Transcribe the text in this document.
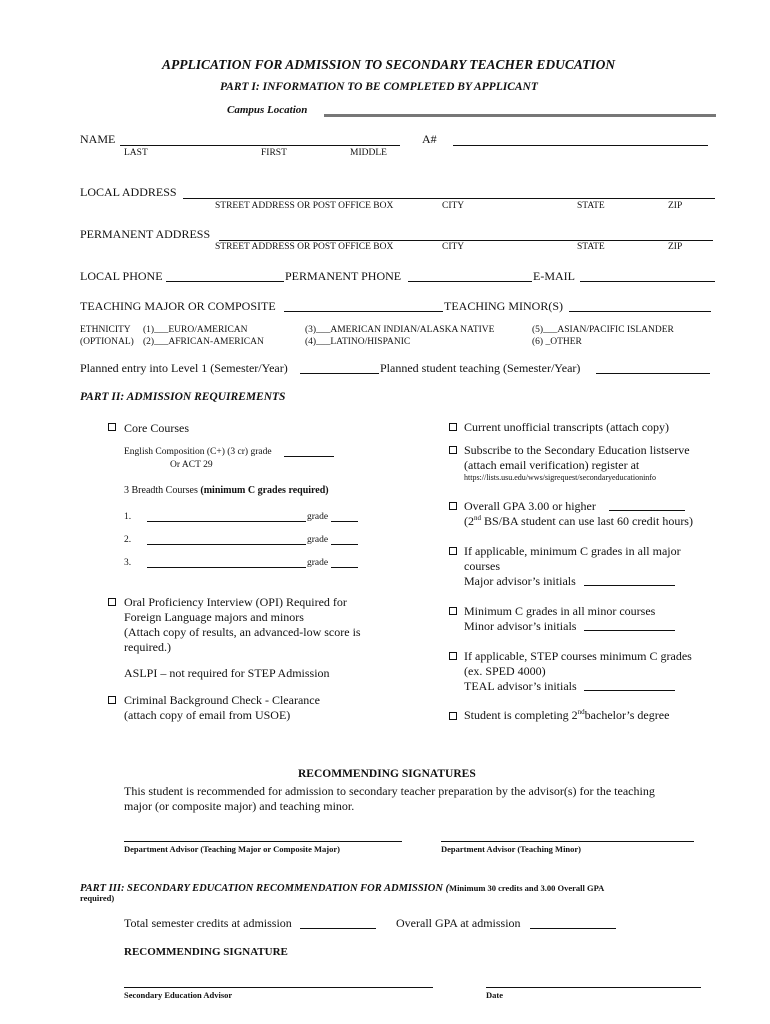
APPLICATION FOR ADMISSION TO SECONDARY TEACHER EDUCATION
PART I: INFORMATION TO BE COMPLETED BY APPLICANT
Campus Location
NAME	A#
LAST	FIRST	MIDDLE
LOCAL ADDRESS
STREET ADDRESS OR POST OFFICE BOX	CITY	STATE	ZIP
PERMANENT ADDRESS
STREET ADDRESS OR POST OFFICE BOX	CITY	STATE	ZIP
LOCAL PHONE	PERMANENT PHONE	E-MAIL
TEACHING MAJOR OR COMPOSITE	TEACHING MINOR(S)
ETHNICITY
(OPTIONAL)
(1)___EURO/AMERICAN
(2)___AFRICAN-AMERICAN
(3)___AMERICAN INDIAN/ALASKA NATIVE
(4)___LATINO/HISPANIC
(5)___ASIAN/PACIFIC ISLANDER
(6) _OTHER
Planned entry into Level 1 (Semester/Year)	Planned student teaching (Semester/Year)
PART II: ADMISSION REQUIREMENTS
Core Courses
English Composition (C+) (3 cr) grade
Or ACT 29
3 Breadth Courses (minimum C grades required)
1.	grade
2.	grade
3.	grade
Oral Proficiency Interview (OPI) Required for
Foreign Language majors and minors
(Attach copy of results, an advanced-low score is
required.)
ASLPI – not required for STEP Admission
Criminal Background Check - Clearance
(attach copy of email from USOE)
Current unofficial transcripts (attach copy)
Subscribe to the Secondary Education listserve
(attach email verification) register at
https://lists.usu.edu/wws/sigrequest/secondaryeducationinfo
Overall GPA 3.00 or higher
(2nd BS/BA student can use last 60 credit hours)
If applicable, minimum C grades in all major
courses
Major advisor’s initials
Minimum C grades in all minor courses
Minor advisor’s initials
If applicable, STEP courses minimum C grades
(ex. SPED 4000)
TEAL advisor’s initials
Student is completing 2ndbachelor’s degree
RECOMMENDING SIGNATURES
This student is recommended for admission to secondary teacher preparation by the advisor(s) for the teaching
major (or composite major) and teaching minor.
Department Advisor (Teaching Major or Composite Major)	Department Advisor (Teaching Minor)
PART III: SECONDARY EDUCATION RECOMMENDATION FOR ADMISSION (Minimum 30 credits and 3.00 Overall GPA
required)
Total semester credits at admission	Overall GPA at admission
RECOMMENDING SIGNATURE
Secondary Education Advisor	Date
